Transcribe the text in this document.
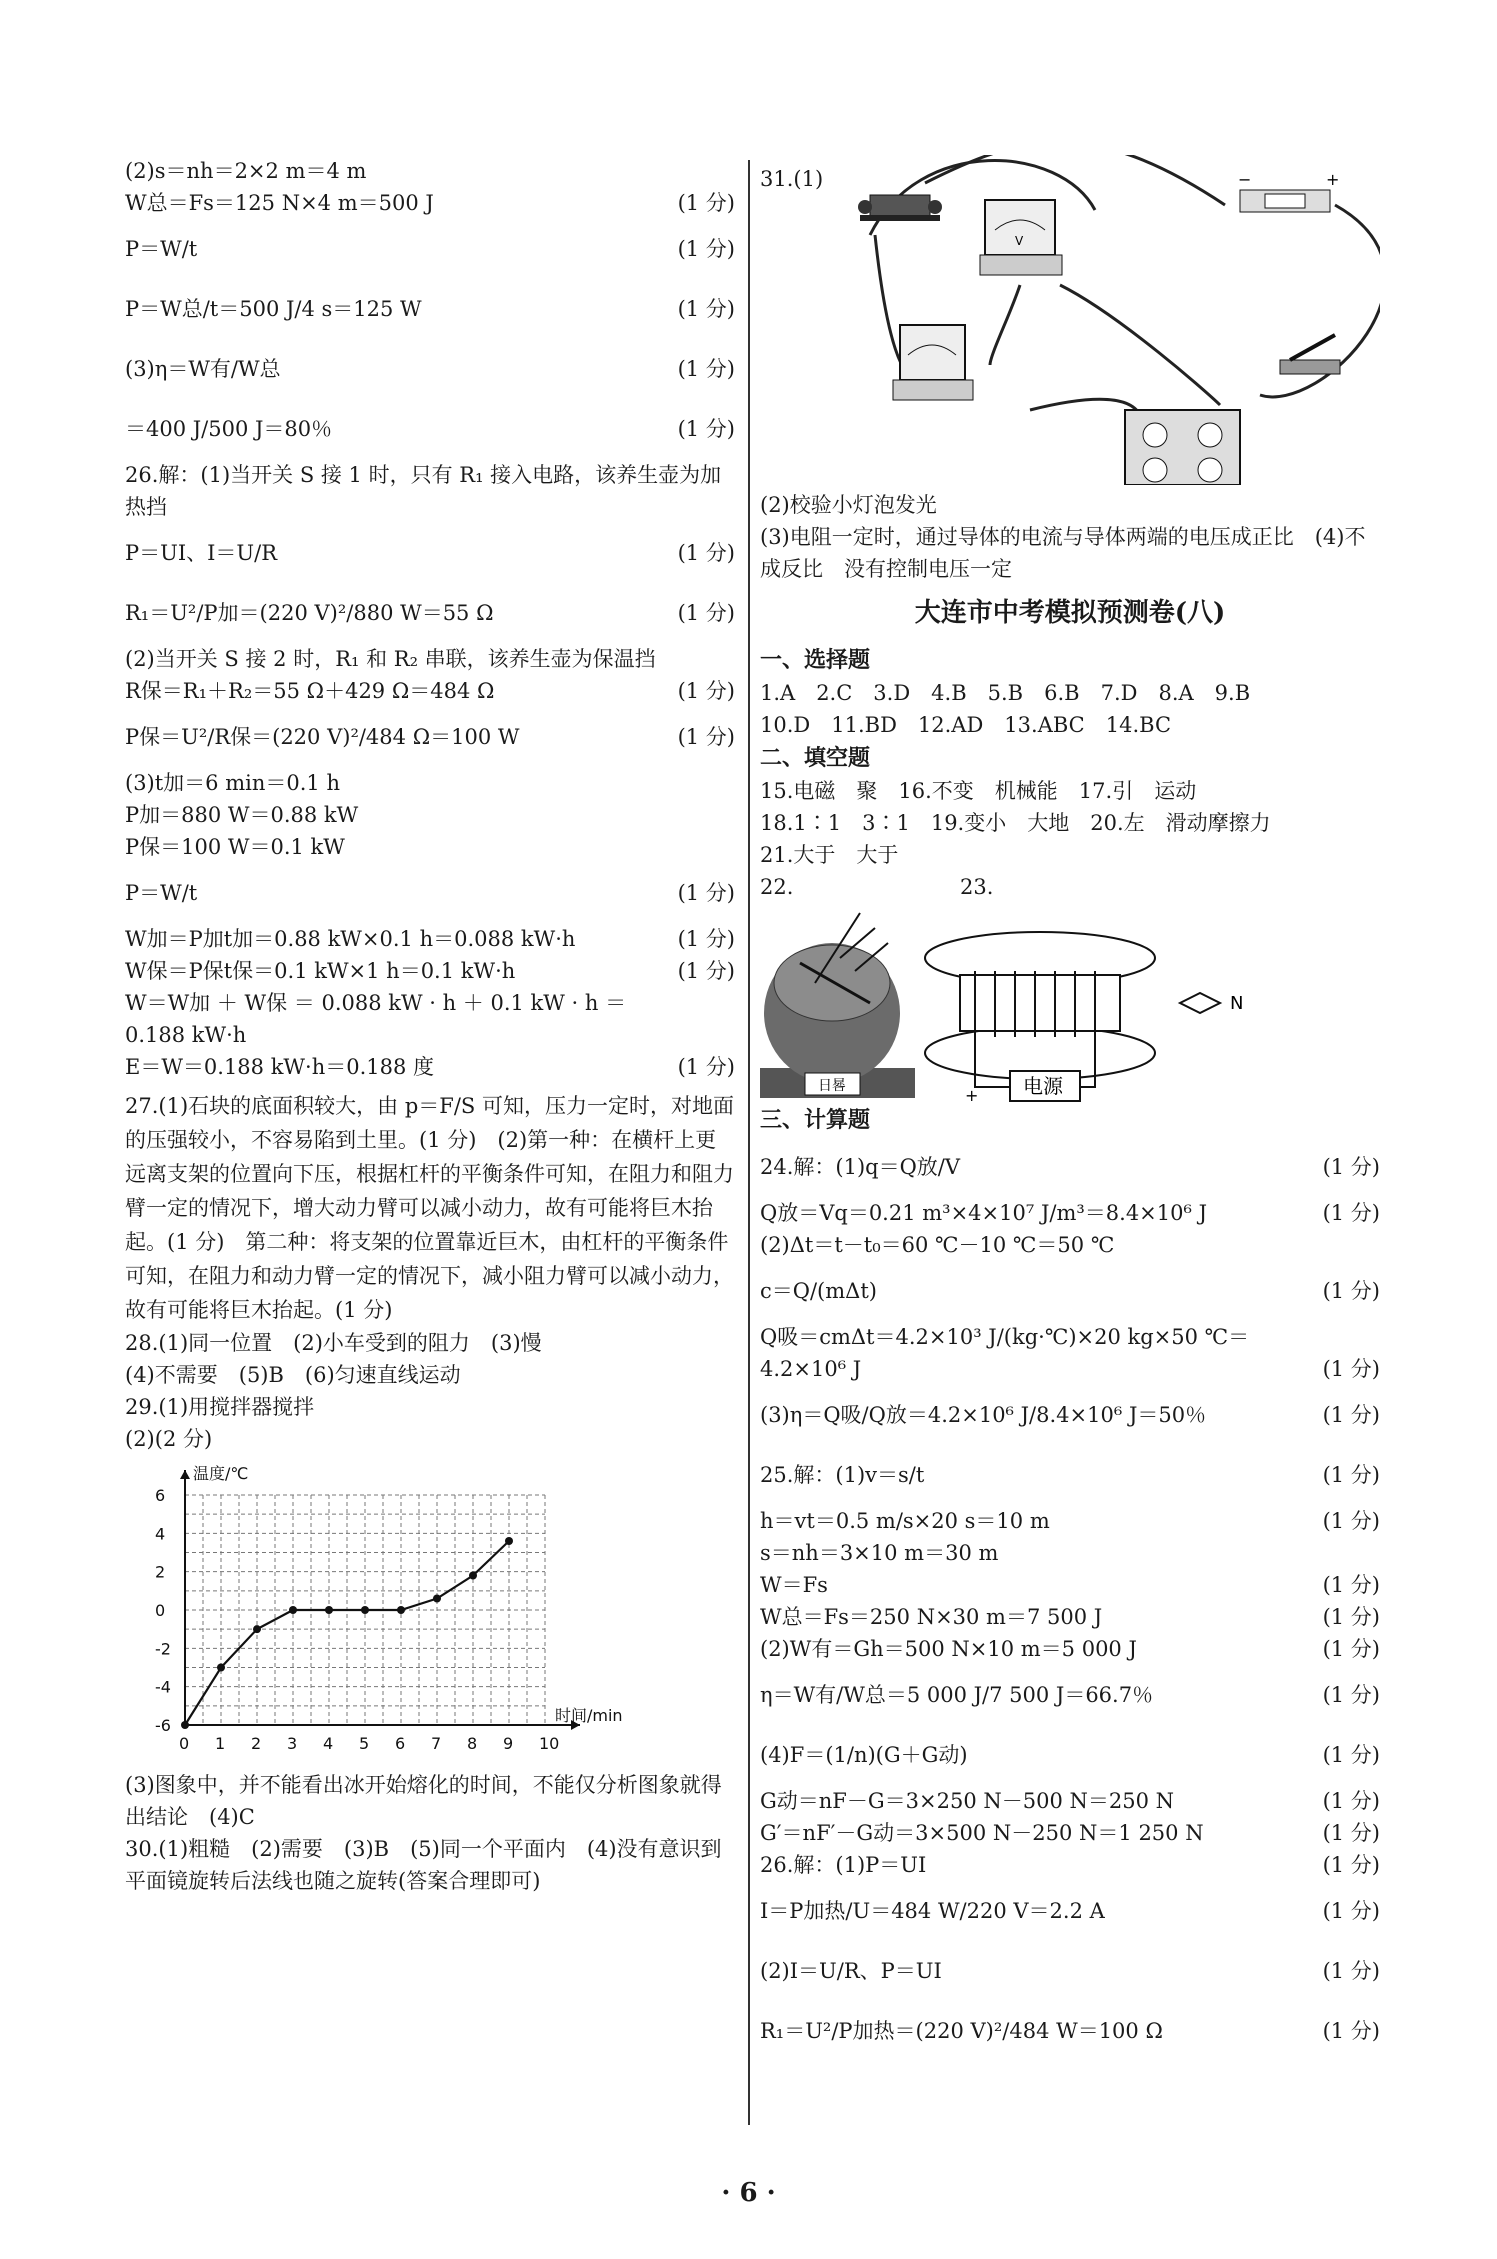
(2)s＝nh＝2×2 m＝4 m
W总＝Fs＝125 N×4 m＝500 J	(1 分)
P＝W/t	(1 分)
P＝W总/t＝500 J/4 s＝125 W	(1 分)
(3)η＝W有/W总	(1 分)
＝400 J/500 J＝80％	(1 分)
26.解：(1)当开关 S 接 1 时，只有 R₁ 接入电路，该养生壶为加热挡
P＝UI、I＝U/R	(1 分)
R₁＝U²/P加＝(220 V)²/880 W＝55 Ω	(1 分)
(2)当开关 S 接 2 时，R₁ 和 R₂ 串联，该养生壶为保温挡
R保＝R₁＋R₂＝55 Ω＋429 Ω＝484 Ω	(1 分)
P保＝U²/R保＝(220 V)²/484 Ω＝100 W	(1 分)
(3)t加＝6 min＝0.1 h
P加＝880 W＝0.88 kW
P保＝100 W＝0.1 kW
P＝W/t	(1 分)
W加＝P加t加＝0.88 kW×0.1 h＝0.088 kW·h	(1 分)
W保＝P保t保＝0.1 kW×1 h＝0.1 kW·h	(1 分)
W＝W加 ＋ W保 ＝ 0.088 kW · h ＋ 0.1 kW · h ＝
0.188 kW·h
E＝W＝0.188 kW·h＝0.188 度	(1 分)
27.(1)石块的底面积较大，由 p＝F/S 可知，压力一定时，对地面的压强较小，不容易陷到土里。(1 分)　(2)第一种：在横杆上更远离支架的位置向下压，根据杠杆的平衡条件可知，在阻力和阻力臂一定的情况下，增大动力臂可以减小动力，故有可能将巨木抬起。(1 分)　第二种：将支架的位置靠近巨木，由杠杆的平衡条件可知，在阻力和动力臂一定的情况下，减小阻力臂可以减小动力，故有可能将巨木抬起。(1 分)
28.(1)同一位置　(2)小车受到的阻力　(3)慢
(4)不需要　(5)B　(6)匀速直线运动
29.(1)用搅拌器搅拌
(2)(2 分)
0 1 2 3 4 5 6 7 8 9 10
-6
-4
-2
0
2
4
6
温度/℃
时间/min
(3)图象中，并不能看出冰开始熔化的时间，不能仅分析图象就得出结论　(4)C
30.(1)粗糙　(2)需要　(3)B　(5)同一个平面内　(4)没有意识到平面镜旋转后法线也随之旋转(答案合理即可)
31.(1)
V
−	+
(2)校验小灯泡发光
(3)电阻一定时，通过导体的电流与导体两端的电压成正比　(4)不成反比　没有控制电压一定
大连市中考模拟预测卷(八)
一、选择题
1.A　2.C　3.D　4.B　5.B　6.B　7.D　8.A　9.B
10.D　11.BD　12.AD　13.ABC　14.BC
二、填空题
15.电磁　聚　16.不变　机械能　17.引　运动
18.1∶1　3∶1　19.变小　大地　20.左　滑动摩擦力
21.大于　大于
22.	23.
日晷	电源
+
N
三、计算题
24.解：(1)q＝Q放/V	(1 分)
Q放＝Vq＝0.21 m³×4×10⁷ J/m³＝8.4×10⁶ J	(1 分)
(2)Δt＝t－t₀＝60 ℃－10 ℃＝50 ℃
c＝Q/(mΔt)	(1 分)
Q吸＝cmΔt＝4.2×10³ J/(kg·℃)×20 kg×50 ℃＝
4.2×10⁶ J	(1 分)
(3)η＝Q吸/Q放＝4.2×10⁶ J/8.4×10⁶ J＝50％	(1 分)
25.解：(1)v＝s/t	(1 分)
h＝vt＝0.5 m/s×20 s＝10 m	(1 分)
s＝nh＝3×10 m＝30 m
W＝Fs	(1 分)
W总＝Fs＝250 N×30 m＝7 500 J	(1 分)
(2)W有＝Gh＝500 N×10 m＝5 000 J	(1 分)
η＝W有/W总＝5 000 J/7 500 J＝66.7％	(1 分)
(4)F＝(1/n)(G＋G动)	(1 分)
G动＝nF－G＝3×250 N－500 N＝250 N	(1 分)
G′＝nF′－G动＝3×500 N－250 N＝1 250 N	(1 分)
26.解：(1)P＝UI	(1 分)
I＝P加热/U＝484 W/220 V＝2.2 A	(1 分)
(2)I＝U/R、P＝UI	(1 分)
R₁＝U²/P加热＝(220 V)²/484 W＝100 Ω	(1 分)
· 6 ·
